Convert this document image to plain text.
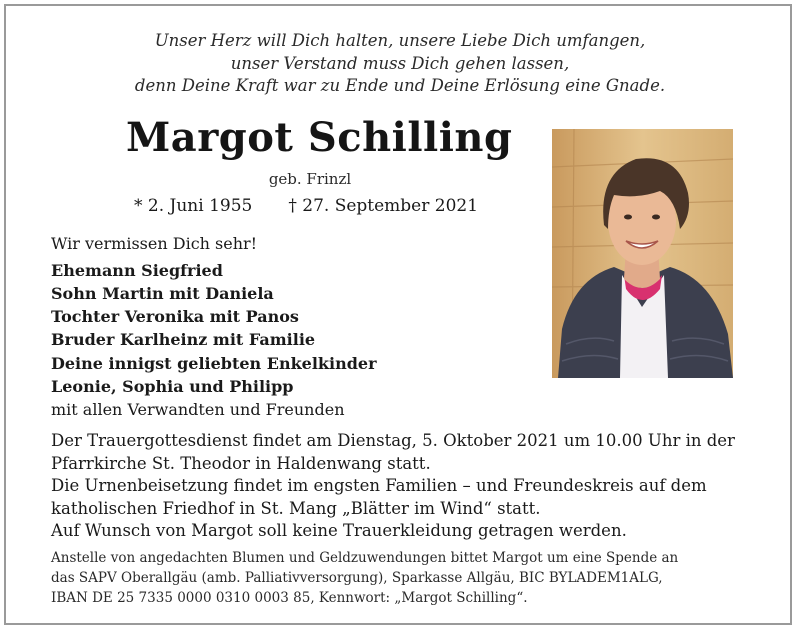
Unser Herz will Dich halten, unsere Liebe Dich umfangen,
unser Verstand muss Dich gehen lassen,
denn Deine Kraft war zu Ende und Deine Erlösung eine Gnade.
Margot Schilling
geb. Frinzl
* 2. Juni 1955 † 27. September 2021
Wir vermissen Dich sehr!
Ehemann Siegfried
Sohn Martin mit Daniela
Tochter Veronika mit Panos
Bruder Karlheinz mit Familie
Deine innigst geliebten Enkelkinder
Leonie, Sophia und Philipp
mit allen Verwandten und Freunden
Der Trauergottesdienst findet am Dienstag, 5. Oktober 2021 um 10.00 Uhr in der
Pfarrkirche St. Theodor in Haldenwang statt.
Die Urnenbeisetzung findet im engsten Familien – und Freundeskreis auf dem
katholischen Friedhof in St. Mang „Blätter im Wind“ statt.
Auf Wunsch von Margot soll keine Trauerkleidung getragen werden.
Anstelle von angedachten Blumen und Geldzuwendungen bittet Margot um eine Spende an
das SAPV Oberallgäu (amb. Palliativversorgung), Sparkasse Allgäu, BIC BYLADEM1ALG,
IBAN DE 25 7335 0000 0310 0003 85, Kennwort: „Margot Schilling“.
